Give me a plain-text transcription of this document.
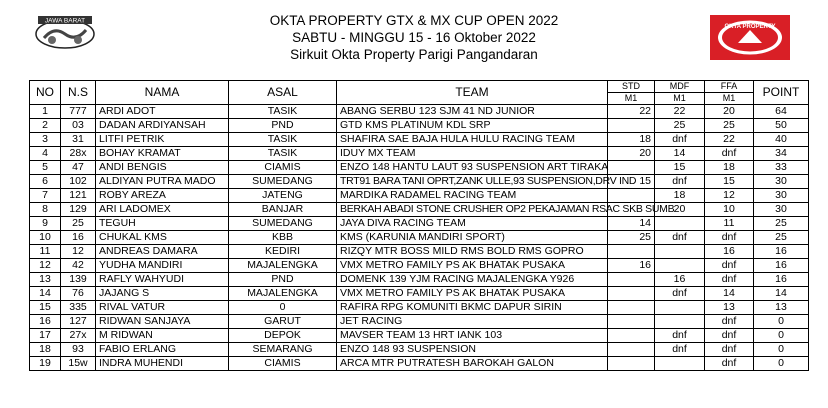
JAWA BARAT	OKTA PROPERTY GTX & MX CUP OPEN 2022
SABTU - MINGGU 15 - 16 Oktober 2022
Sirkuit Okta Property Parigi Pangandaran
OKTA PROPERTY
NO	N.S	NAMA	ASAL	TEAM	STD	MDF	FFA	POINT
					M1	M1	M1	
1	777	ARDI ADOT	TASIK	ABANG SERBU 123 SJM 41 ND JUNIOR	22	22	20	64
2	03	DADAN ARDIYANSAH	PND	GTD KMS PLATINUM KDL SRP		25	25	50
3	31	LITFI PETRIK	TASIK	SHAFIRA SAE BAJA HULA HULU RACING TEAM	18	dnf	22	40
4	28x	BOHAY KRAMAT	TASIK	IDUY MX TEAM	20	14	dnf	34
5	47	ANDI BENGIS	CIAMIS	ENZO 148 HANTU LAUT 93 SUSPENSION ART TIRAKA		15	18	33
6	102	ALDIYAN PUTRA MADO	SUMEDANG	TRT91 BARA TANI OPRT,ZANK ULLE,93 SUSPENSION,DRV IND	15	dnf	15	30
7	121	ROBY AREZA	JATENG	MARDIKA RADAMEL RACING TEAM		18	12	30
8	129	ARI LADOMEX	BANJAR	BERKAH ABADI STONE CRUSHER OP2 PEKAJAMAN RSAC SKB SUMB		20	10	30
9	25	TEGUH	SUMEDANG	JAYA DIVA RACING TEAM	14		11	25
10	16	CHUKAL KMS	KBB	KMS (KARUNIA MANDIRI SPORT)	25	dnf	dnf	25
11	12	ANDREAS DAMARA	KEDIRI	RIZQY MTR BOSS MILD RMS BOLD RMS GOPRO			16	16
12	42	YUDHA MANDIRI	MAJALENGKA	VMX METRO FAMILY PS AK BHATAK PUSAKA	16		dnf	16
13	139	RAFLY WAHYUDI	PND	DOMENK 139 YJM RACING MAJALENGKA Y926		16	dnf	16
14	76	JAJANG S	MAJALENGKA	VMX METRO FAMILY PS AK BHATAK PUSAKA		dnf	14	14
15	335	RIVAL VATUR	0	RAFIRA RPG KOMUNITI BKMC DAPUR SIRIN			13	13
16	127	RIDWAN SANJAYA	GARUT	JET RACING			dnf	0
17	27x	M RIDWAN	DEPOK	MAVSER TEAM 13 HRT IANK 103		dnf	dnf	0
18	93	FABIO ERLANG	SEMARANG	ENZO 148 93 SUSPENSION		dnf	dnf	0
19	15w	INDRA MUHENDI	CIAMIS	ARCA MTR PUTRATESH BAROKAH GALON			dnf	0
